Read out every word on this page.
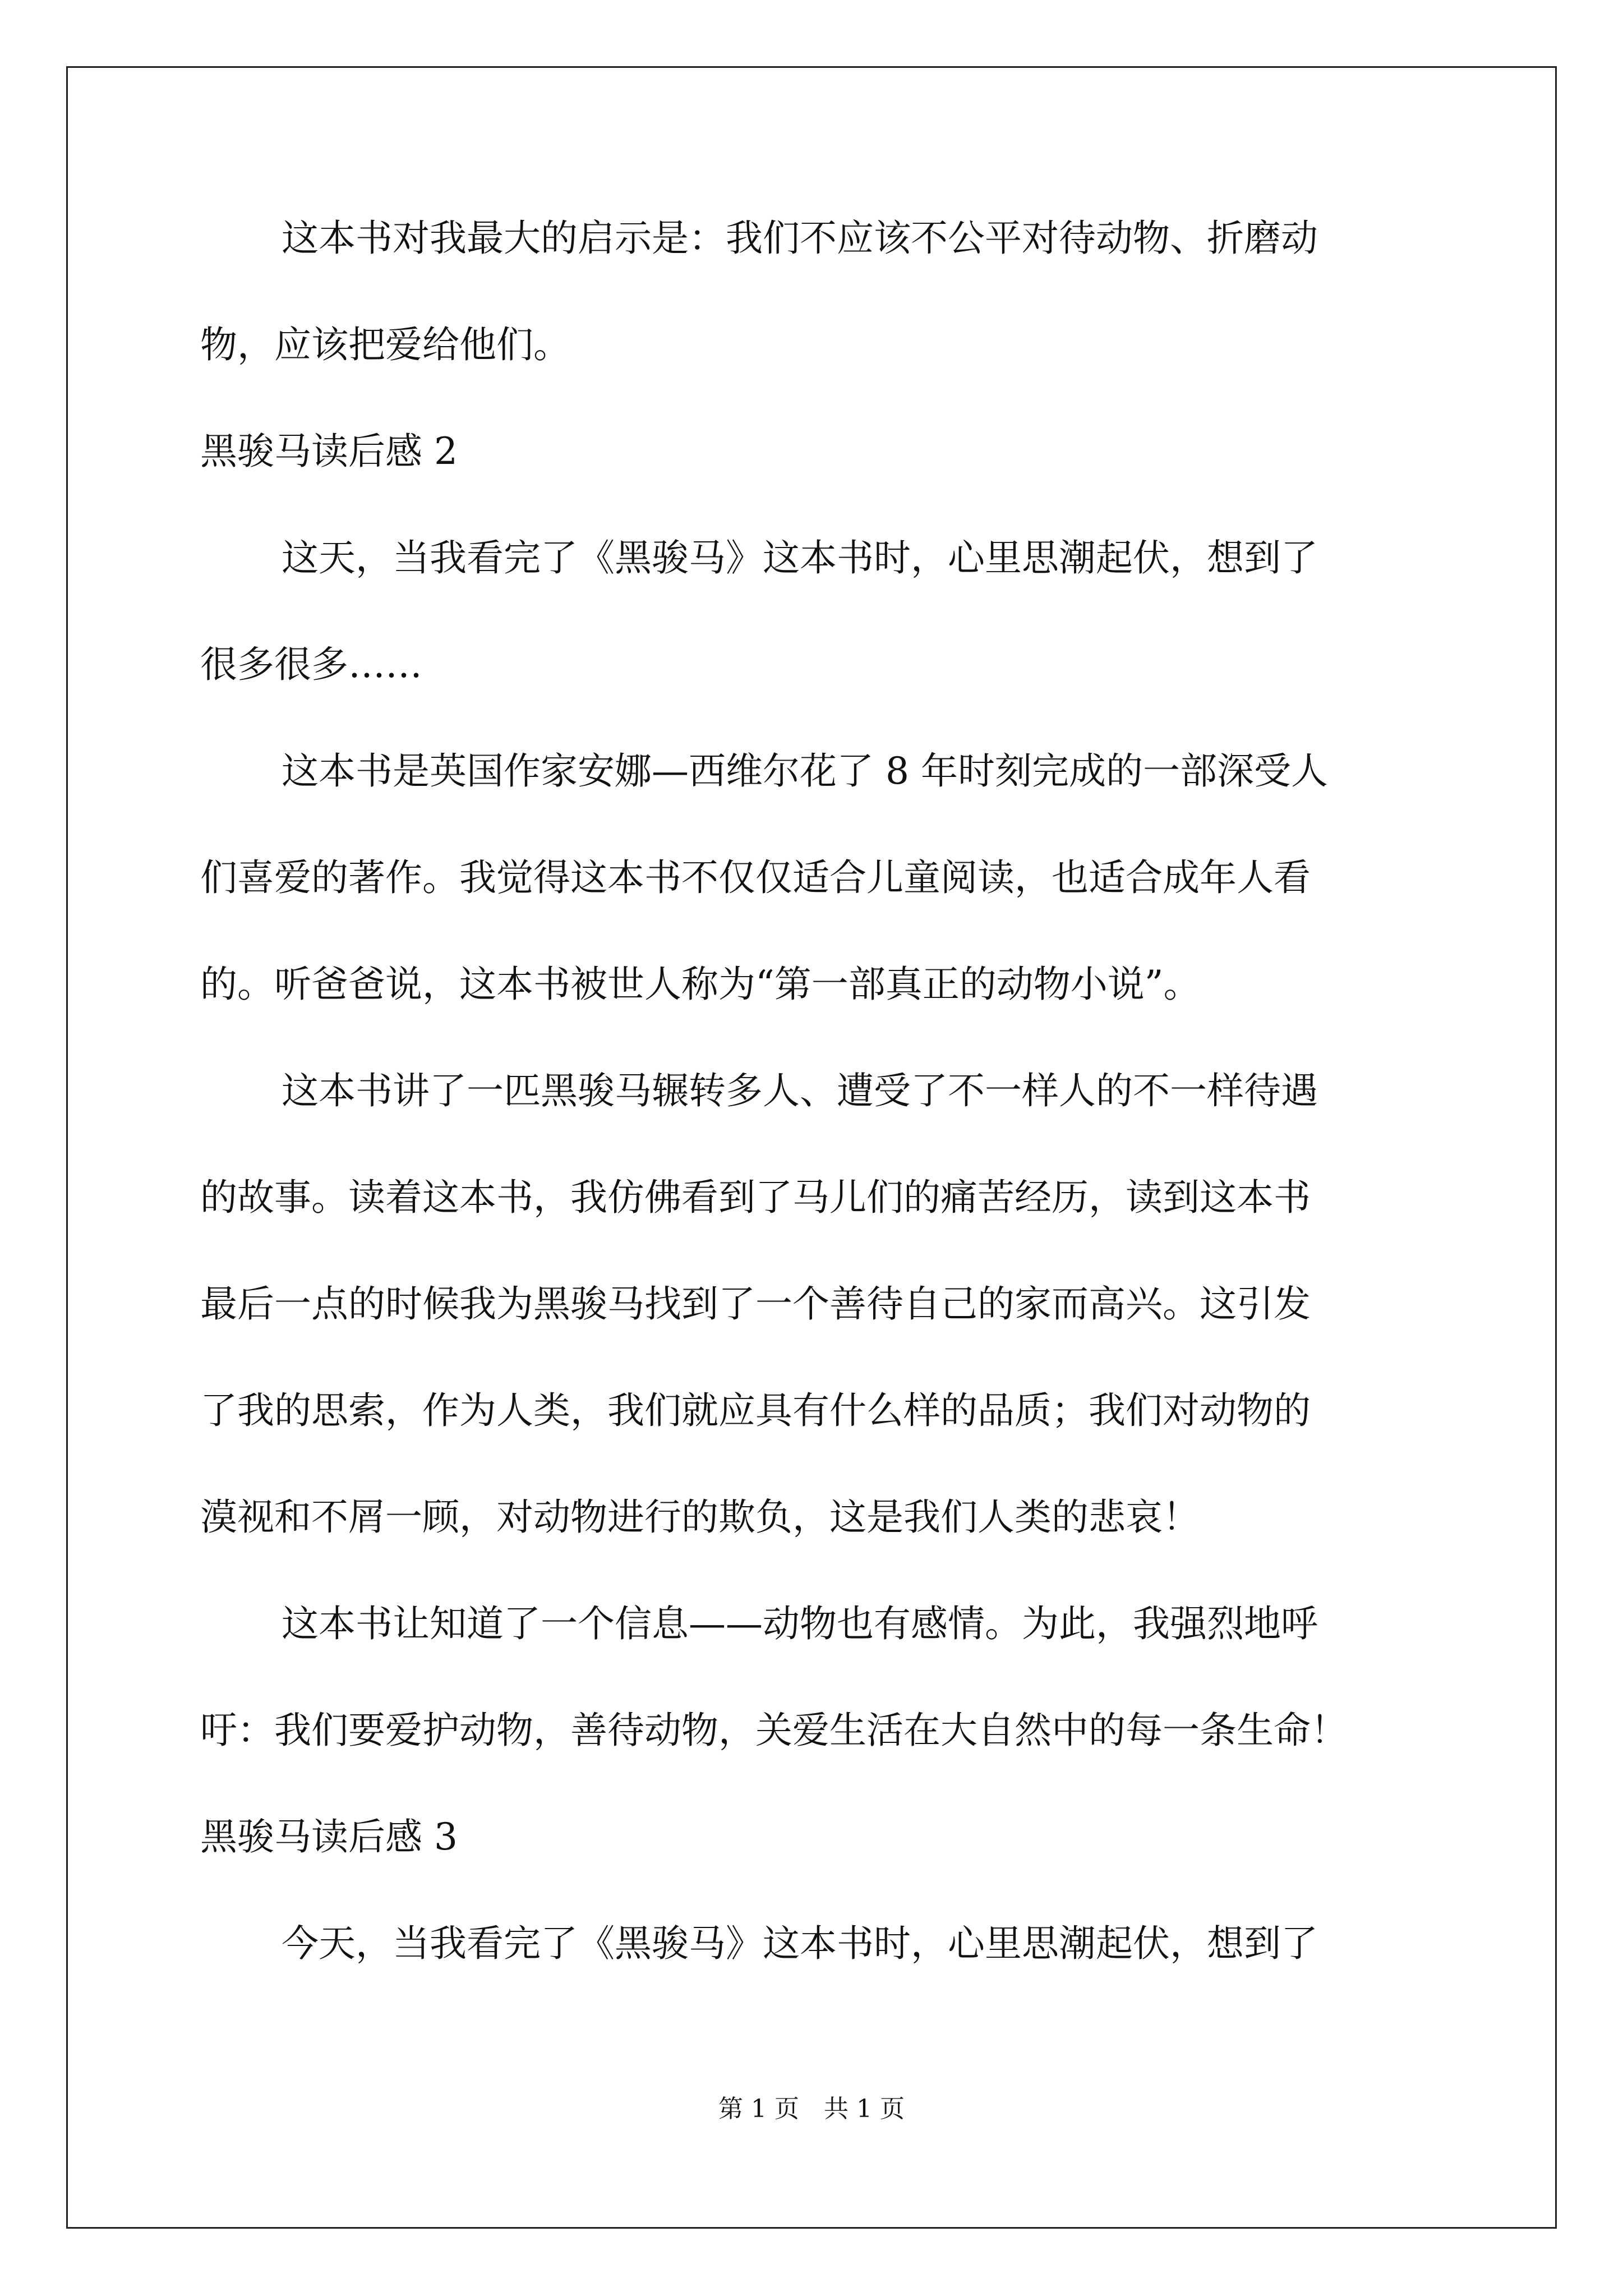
这本书对我最大的启示是：我们不应该不公平对待动物、折磨动
物，应该把爱给他们。
黑骏马读后感 2
这天，当我看完了《黑骏马》这本书时，心里思潮起伏，想到了
很多很多……
这本书是英国作家安娜—西维尔花了 8 年时刻完成的一部深受人
们喜爱的著作。我觉得这本书不仅仅适合儿童阅读，也适合成年人看
的。听爸爸说，这本书被世人称为“第一部真正的动物小说”。
这本书讲了一匹黑骏马辗转多人、遭受了不一样人的不一样待遇
的故事。读着这本书，我仿佛看到了马儿们的痛苦经历，读到这本书
最后一点的时候我为黑骏马找到了一个善待自己的家而高兴。这引发
了我的思索，作为人类，我们就应具有什么样的品质；我们对动物的
漠视和不屑一顾，对动物进行的欺负，这是我们人类的悲哀！
这本书让知道了一个信息——动物也有感情。为此，我强烈地呼
吁：我们要爱护动物，善待动物，关爱生活在大自然中的每一条生命！
黑骏马读后感 3
今天，当我看完了《黑骏马》这本书时，心里思潮起伏，想到了
第 1 页　共 1 页
